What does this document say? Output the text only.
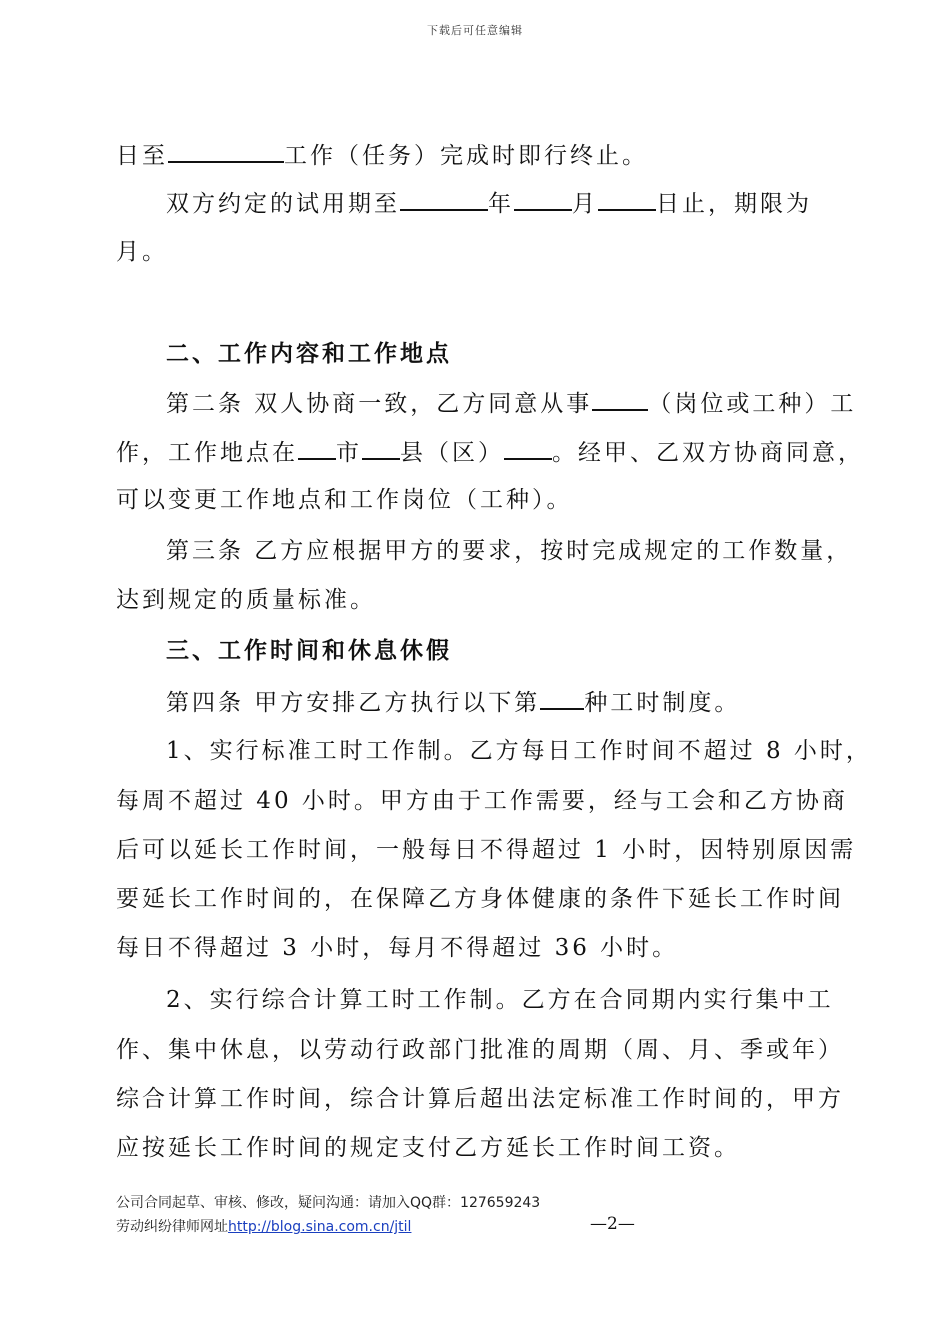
下载后可任意编辑
日至	工作（任务）完成时即行终止。
双方约定的试用期至	年	月	日止，期限为
月。
二、工作内容和工作地点
第二条 双人协商一致，乙方同意从事 （岗位或工种）工
作，工作地点在 市 县（区） 。经甲、乙双方协商同意，
可以变更工作地点和工作岗位（工种）。
第三条 乙方应根据甲方的要求，按时完成规定的工作数量，
达到规定的质量标准。
三、工作时间和休息休假
第四条 甲方安排乙方执行以下第 种工时制度。
1、实行标准工时工作制。乙方每日工作时间不超过 8 小时，
每周不超过 40 小时。甲方由于工作需要，经与工会和乙方协商
后可以延长工作时间，一般每日不得超过 1 小时，因特别原因需
要延长工作时间的，在保障乙方身体健康的条件下延长工作时间
每日不得超过 3 小时，每月不得超过 36 小时。
2、实行综合计算工时工作制。乙方在合同期内实行集中工
作、集中休息，以劳动行政部门批准的周期（周、月、季或年）
综合计算工作时间，综合计算后超出法定标准工作时间的，甲方
应按延长工作时间的规定支付乙方延长工作时间工资。
公司合同起草、审核、修改，疑问沟通：请加入QQ群：127659243
劳动纠纷律师网址http://blog.sina.com.cn/jtil	—2—
